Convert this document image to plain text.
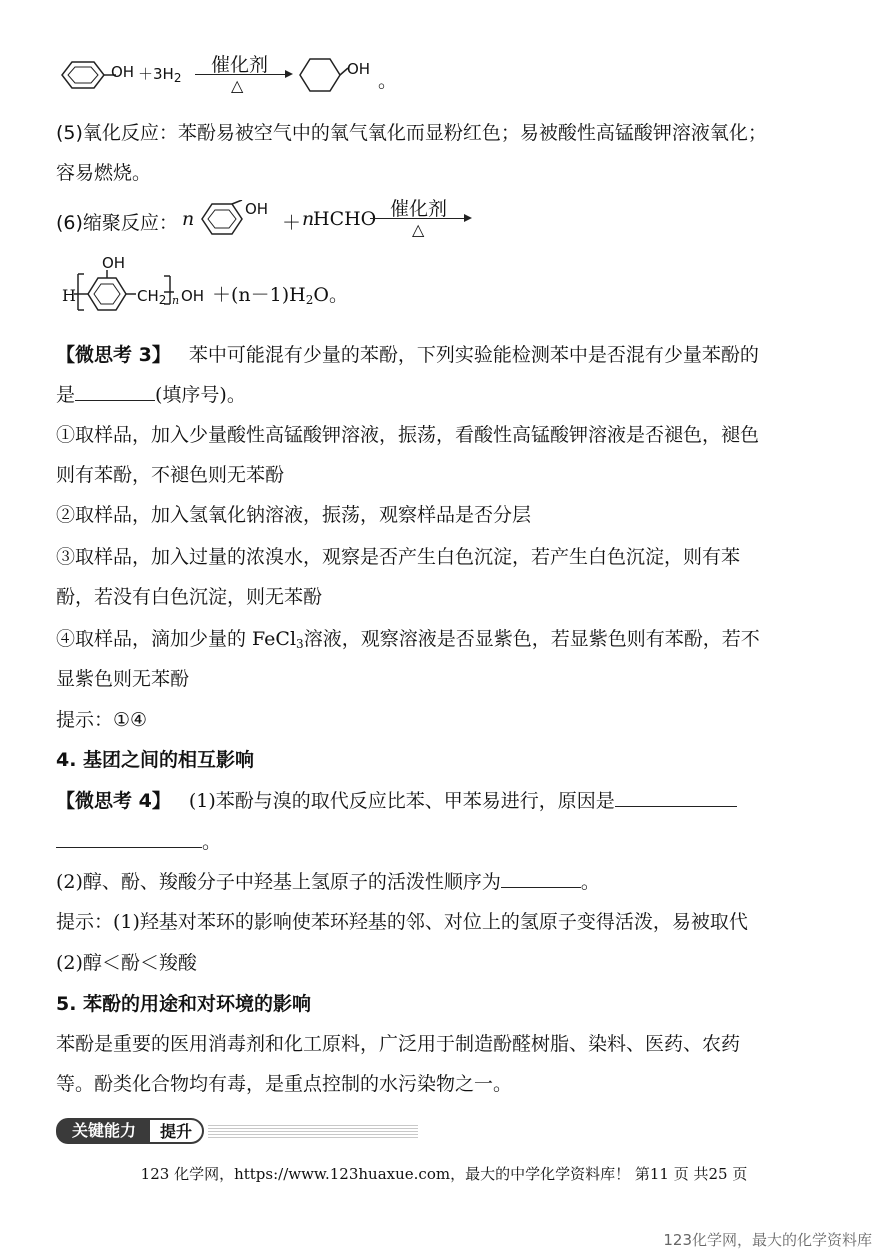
OH $+3H_2$
催化剂
△
OH
。
(5)氧化反应：苯酚易被空气中的氧气氧化而显粉红色；易被酸性高锰酸钾溶液氧化；
容易燃烧。
(6)缩聚反应： n	OH
＋ n
HCHO 催化剂
△
OH
H	$CH_2$ n OH $+(n-1)H_2O$。
【微思考 3】 苯中可能混有少量的苯酚，下列实验能检测苯中是否混有少量苯酚的
是	(填序号)。
①取样品，加入少量酸性高锰酸钾溶液，振荡，看酸性高锰酸钾溶液是否褪色，褪色
则有苯酚，不褪色则无苯酚
②取样品，加入氢氧化钠溶液，振荡，观察样品是否分层
③取样品，加入过量的浓溴水，观察是否产生白色沉淀，若产生白色沉淀，则有苯
酚，若没有白色沉淀，则无苯酚
④取样品，滴加少量的 FeCl$_3$溶液，观察溶液是否显紫色，若显紫色则有苯酚，若不
显紫色则无苯酚
提示：①④
4. 基团之间的相互影响
【微思考 4】 (1)苯酚与溴的取代反应比苯、甲苯易进行，原因是
。
(2)醇、酚、羧酸分子中羟基上氢原子的活泼性顺序为	。
提示：(1)羟基对苯环的影响使苯环羟基的邻、对位上的氢原子变得活泼，易被取代
(2)醇＜酚＜羧酸
5. 苯酚的用途和对环境的影响
苯酚是重要的医用消毒剂和化工原料，广泛用于制造酚醛树脂、染料、医药、农药
等。酚类化合物均有毒，是重点控制的水污染物之一。
关键能力	提升
123 化学网，https://www.123huaxue.com，最大的中学化学资料库！ 第11 页 共25 页
123化学网，最大的化学资料库
